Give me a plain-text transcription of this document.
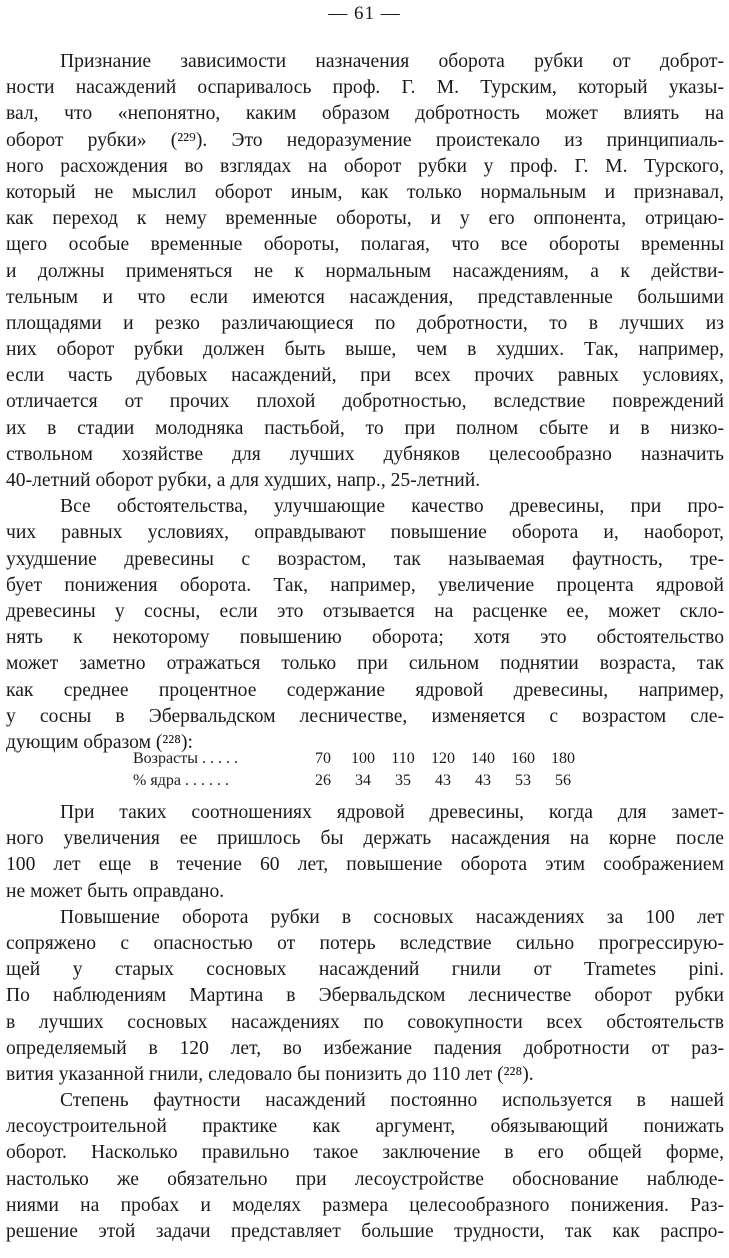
— 61 —
Признание зависимости назначения оборота рубки от доброт-
ности насаждений оспаривалось проф. Г. М. Турским, который указы-
вал, что «непонятно, каким образом добротность может влиять на
оборот рубки» (²²⁹). Это недоразумение проистекало из принципиаль-
ного расхождения во взглядах на оборот рубки у проф. Г. М. Турского,
который не мыслил оборот иным, как только нормальным и признавал,
как переход к нему временные обороты, и у его оппонента, отрицаю-
щего особые временные обороты, полагая, что все обороты временны
и должны применяться не к нормальным насаждениям, а к действи-
тельным и что если имеются насаждения, представленные большими
площадями и резко различающиеся по добротности, то в лучших из
них оборот рубки должен быть выше, чем в худших. Так, например,
если часть дубовых насаждений, при всех прочих равных условиях,
отличается от прочих плохой добротностью, вследствие повреждений
их в стадии молодняка пастьбой, то при полном сбыте и в низко-
ствольном хозяйстве для лучших дубняков целесообразно назначить
40-летний оборот рубки, а для худших, напр., 25-летний.
Все обстоятельства, улучшающие качество древесины, при про-
чих равных условиях, оправдывают повышение оборота и, наоборот,
ухудшение древесины с возрастом, так называемая фаутность, тре-
бует понижения оборота. Так, например, увеличение процента ядровой
древесины у сосны, если это отзывается на расценке ее, может скло-
нять к некоторому повышению оборота; хотя это обстоятельство
может заметно отражаться только при сильном поднятии возраста, так
как среднее процентное содержание ядровой древесины, например,
у сосны в Эбервальдском лесничестве, изменяется с возрастом сле-
дующим образом (²²⁸):
Возрасты . . . . .	70	100	110	120	140	160	180
% ядра . . . . . .	26	34	35	43	43	53	56
При таких соотношениях ядровой древесины, когда для замет-
ного увеличения ее пришлось бы держать насаждения на корне после
100 лет еще в течение 60 лет, повышение оборота этим соображением
не может быть оправдано.
Повышение оборота рубки в сосновых насаждениях за 100 лет
сопряжено с опасностью от потерь вследствие сильно прогрессирую-
щей у старых сосновых насаждений гнили от Trametes pini.
По наблюдениям Мартина в Эбервальдском лесничестве оборот рубки
в лучших сосновых насаждениях по совокупности всех обстоятельств
определяемый в 120 лет, во избежание падения добротности от раз-
вития указанной гнили, следовало бы понизить до 110 лет (²²⁸).
Степень фаутности насаждений постоянно используется в нашей
лесоустроительной практике как аргумент, обязывающий понижать
оборот. Насколько правильно такое заключение в его общей форме,
настолько же обязательно при лесоустройстве обоснование наблюде-
ниями на пробах и моделях размера целесообразного понижения. Раз-
решение этой задачи представляет большие трудности, так как распро-
